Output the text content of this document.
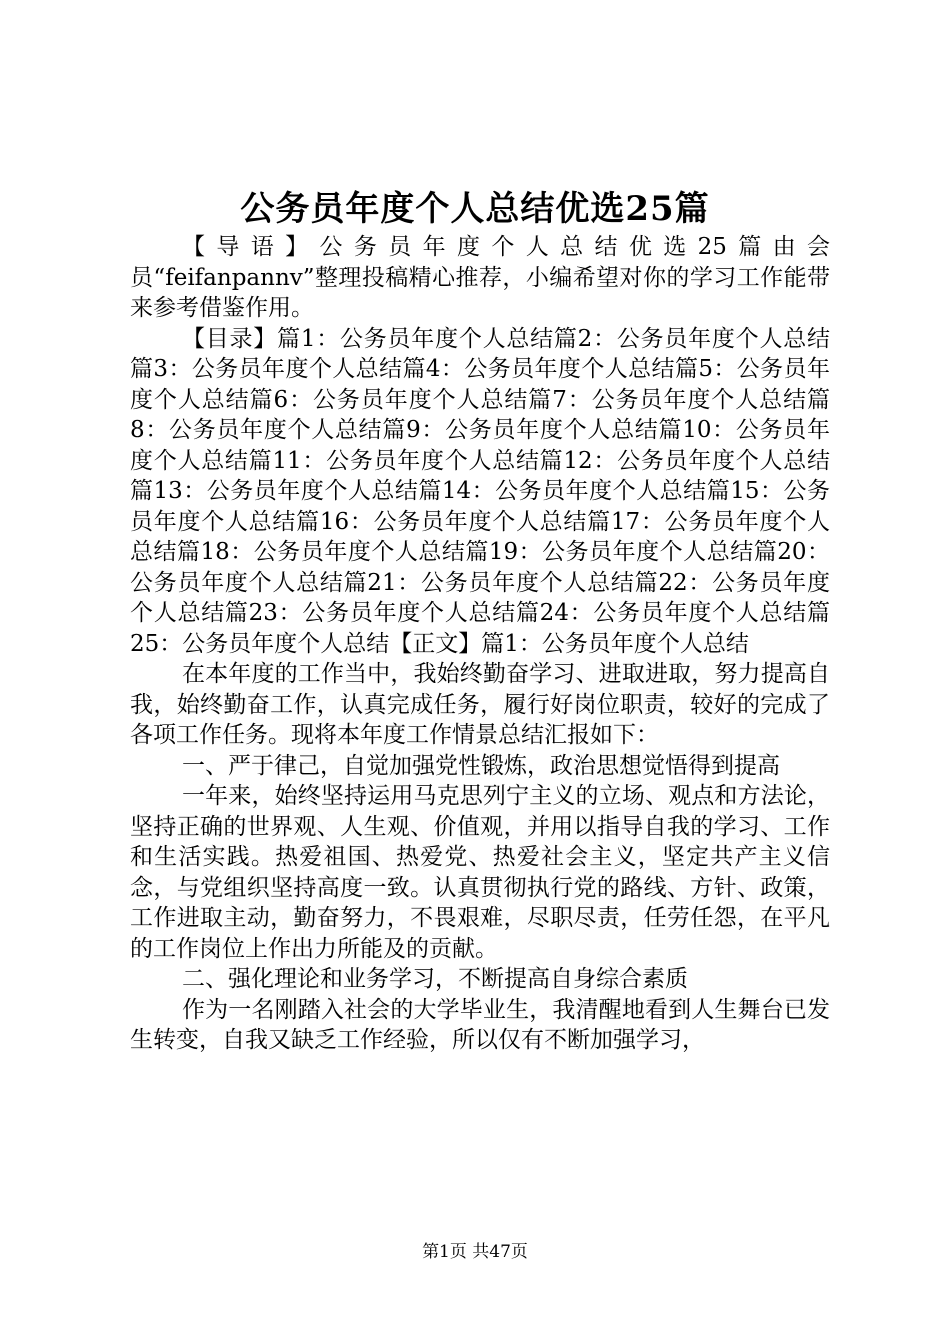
公务员年度个人总结优选25篇

【导语】公务员年度个人总结优选25篇由会员“feifanpannv”整理投稿精心推荐，小编希望对你的学习工作能带来参考借鉴作用。

【目录】篇1：公务员年度个人总结篇2：公务员年度个人总结篇3：公务员年度个人总结篇4：公务员年度个人总结篇5：公务员年度个人总结篇6：公务员年度个人总结篇7：公务员年度个人总结篇8：公务员年度个人总结篇9：公务员年度个人总结篇10：公务员年度个人总结篇11：公务员年度个人总结篇12：公务员年度个人总结篇13：公务员年度个人总结篇14：公务员年度个人总结篇15：公务员年度个人总结篇16：公务员年度个人总结篇17：公务员年度个人总结篇18：公务员年度个人总结篇19：公务员年度个人总结篇20：公务员年度个人总结篇21：公务员年度个人总结篇22：公务员年度个人总结篇23：公务员年度个人总结篇24：公务员年度个人总结篇25：公务员年度个人总结【正文】篇1：公务员年度个人总结

在本年度的工作当中，我始终勤奋学习、进取进取，努力提高自我，始终勤奋工作，认真完成任务，履行好岗位职责，较好的完成了各项工作任务。现将本年度工作情景总结汇报如下：

一、严于律己，自觉加强党性锻炼，政治思想觉悟得到提高

一年来，始终坚持运用马克思列宁主义的立场、观点和方法论，坚持正确的世界观、人生观、价值观，并用以指导自我的学习、工作和生活实践。热爱祖国、热爱党、热爱社会主义，坚定共产主义信念，与党组织坚持高度一致。认真贯彻执行党的路线、方针、政策，工作进取主动，勤奋努力，不畏艰难，尽职尽责，任劳任怨，在平凡的工作岗位上作出力所能及的贡献。

二、强化理论和业务学习，不断提高自身综合素质

作为一名刚踏入社会的大学毕业生，我清醒地看到人生舞台已发生转变，自我又缺乏工作经验，所以仅有不断加强学习，

第1页 共47页
